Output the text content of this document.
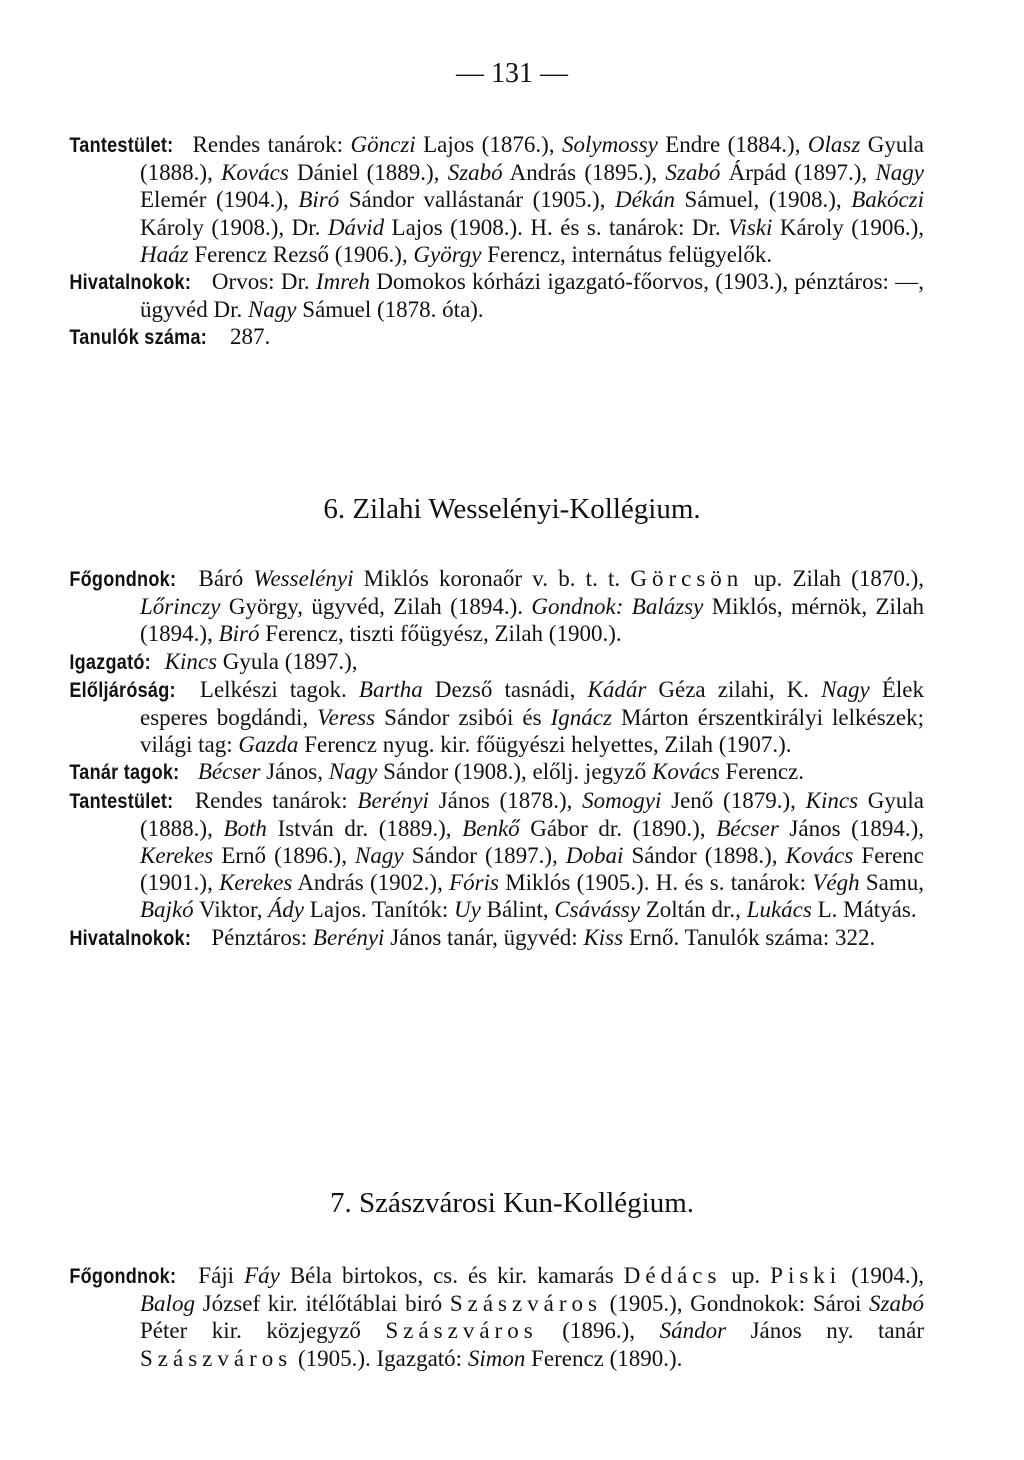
— 131 —
Tantestület: Rendes tanárok: Gönczi Lajos (1876.), Solymossy Endre (1884.), Olasz Gyula (1888.), Kovács Dániel (1889.), Szabó András (1895.), Szabó Árpád (1897.), Nagy Elemér (1904.), Biró Sándor vallástanár (1905.), Dékán Sámuel, (1908.), Bakóczi Károly (1908.), Dr. Dávid Lajos (1908.). H. és s. tanárok: Dr. Viski Károly (1906.), Haáz Ferencz Rezső (1906.), György Ferencz, internátus felügyelők.
Hivatalnokok: Orvos: Dr. Imreh Domokos kórházi igazgató-főorvos, (1903.), pénztáros: —, ügyvéd Dr. Nagy Sámuel (1878. óta).
Tanulók száma: 287.
6. Zilahi Wesselényi-Kollégium.
Főgondnok: Báró Wesselényi Miklós koronaőr v. b. t. t. Görcsön up. Zilah (1870.), Lőrinczy György, ügyvéd, Zilah (1894.). Gondnok: Balázsy Miklós, mérnök, Zilah (1894.), Biró Ferencz, tiszti főügyész, Zilah (1900.).
Igazgató: Kincs Gyula (1897.),
Előljáróság: Lelkészi tagok. Bartha Dezső tasnádi, Kádár Géza zilahi, K. Nagy Élek esperes bogdándi, Veress Sándor zsibói és Ignácz Márton érszentkirályi lelkészek; világi tag: Gazda Ferencz nyug. kir. főügyészi helyettes, Zilah (1907.).
Tanár tagok: Bécser János, Nagy Sándor (1908.), előlj. jegyző Kovács Ferencz.
Tantestület: Rendes tanárok: Berényi János (1878.), Somogyi Jenő (1879.), Kincs Gyula (1888.), Both István dr. (1889.), Benkő Gábor dr. (1890.), Bécser János (1894.), Kerekes Ernő (1896.), Nagy Sándor (1897.), Dobai Sándor (1898.), Kovács Ferenc (1901.), Kerekes András (1902.), Fóris Miklós (1905.). H. és s. tanárok: Végh Samu, Bajkó Viktor, Ády Lajos. Tanítók: Uy Bálint, Csávássy Zoltán dr., Lukács L. Mátyás.
Hivatalnokok: Pénztáros: Berényi János tanár, ügyvéd: Kiss Ernő. Tanulók száma: 322.
7. Szászvárosi Kun-Kollégium.
Főgondnok: Fáji Fáy Béla birtokos, cs. és kir. kamarás Dédács up. Piski (1904.), Balog József kir. itélőtáblai biró Szászváros (1905.), Gondnokok: Sároi Szabó Péter kir. közjegyző Szászváros (1896.), Sándor János ny. tanár Szászváros (1905.). Igazgató: Simon Ferencz (1890.).
